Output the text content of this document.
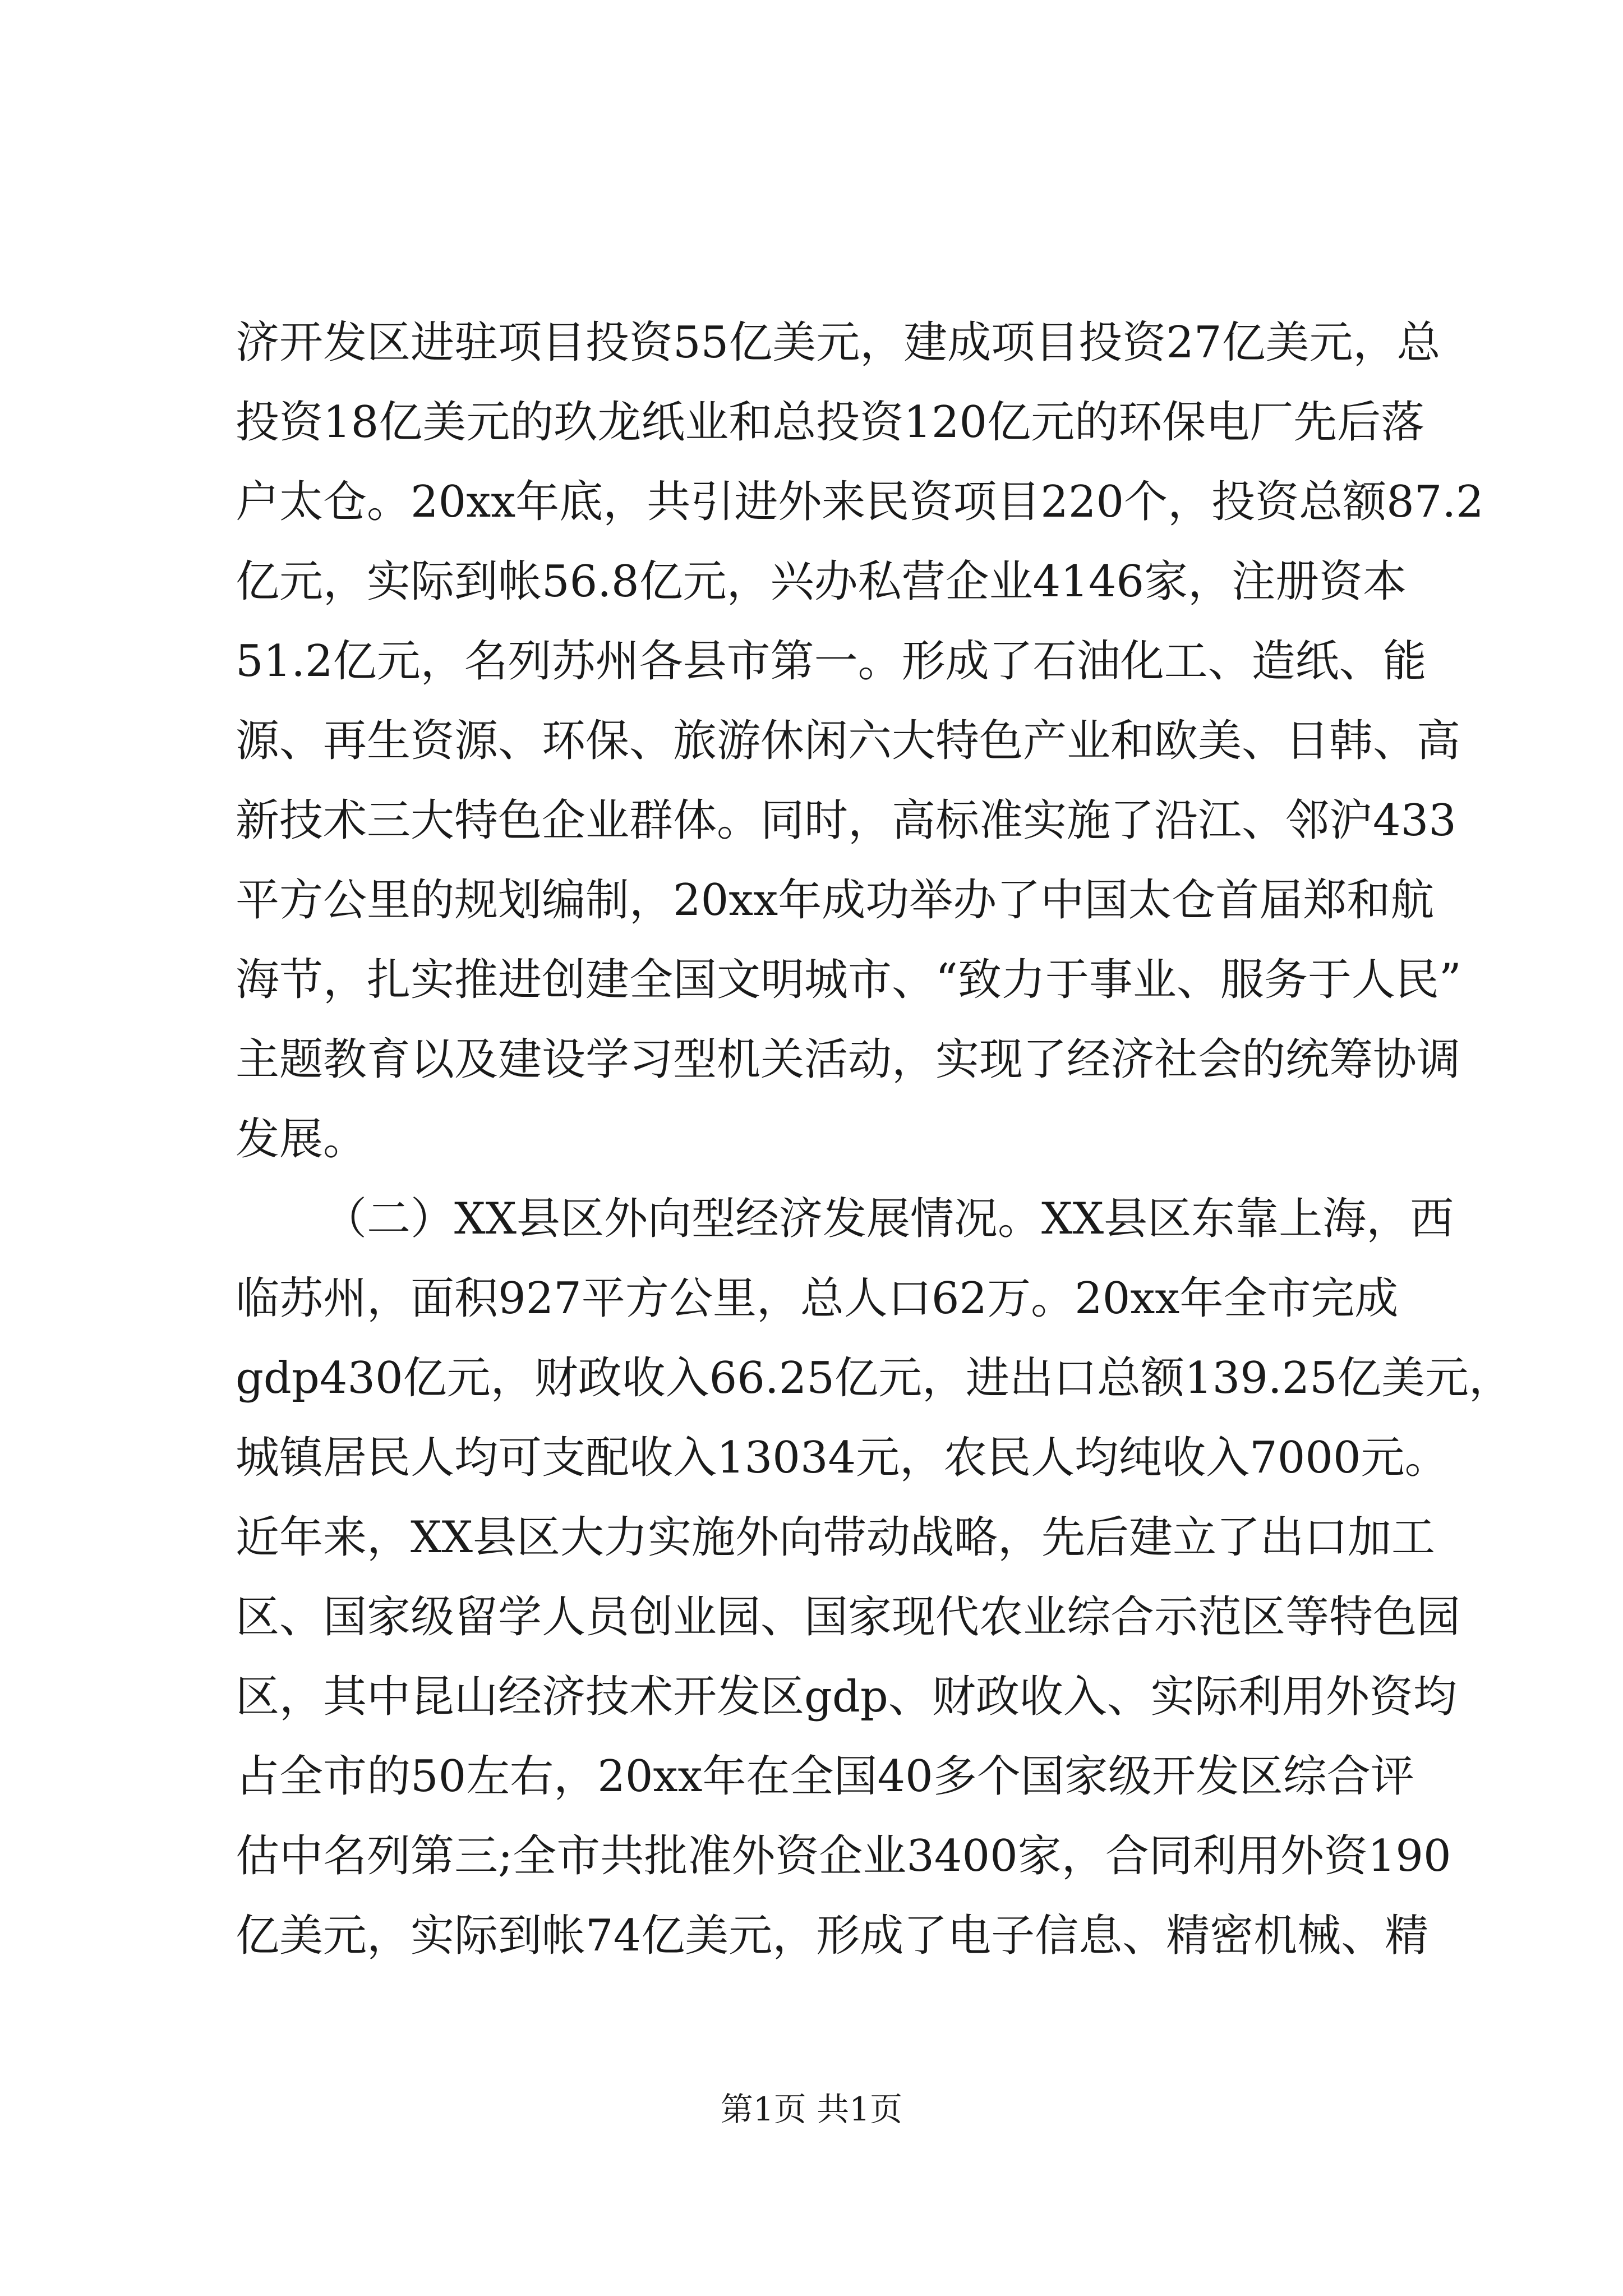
济开发区进驻项目投资55亿美元，建成项目投资27亿美元，总
投资18亿美元的玖龙纸业和总投资120亿元的环保电厂先后落
户太仓。20xx年底，共引进外来民资项目220个，投资总额87.2
亿元，实际到帐56.8亿元，兴办私营企业4146家，注册资本
51.2亿元，名列苏州各县市第一。形成了石油化工、造纸、能
源、再生资源、环保、旅游休闲六大特色产业和欧美、日韩、高
新技术三大特色企业群体。同时，高标准实施了沿江、邻沪433
平方公里的规划编制，20xx年成功举办了中国太仓首届郑和航
海节，扎实推进创建全国文明城市、“致力于事业、服务于人民”
主题教育以及建设学习型机关活动，实现了经济社会的统筹协调
发展。
（二）XX县区外向型经济发展情况。XX县区东靠上海，西
临苏州，面积927平方公里，总人口62万。20xx年全市完成
gdp430亿元，财政收入66.25亿元，进出口总额139.25亿美元，
城镇居民人均可支配收入13034元，农民人均纯收入7000元。
近年来，XX县区大力实施外向带动战略，先后建立了出口加工
区、国家级留学人员创业园、国家现代农业综合示范区等特色园
区，其中昆山经济技术开发区gdp、财政收入、实际利用外资均
占全市的50左右，20xx年在全国40多个国家级开发区综合评
估中名列第三;全市共批准外资企业3400家，合同利用外资190
亿美元，实际到帐74亿美元，形成了电子信息、精密机械、精
第1页 共1页
